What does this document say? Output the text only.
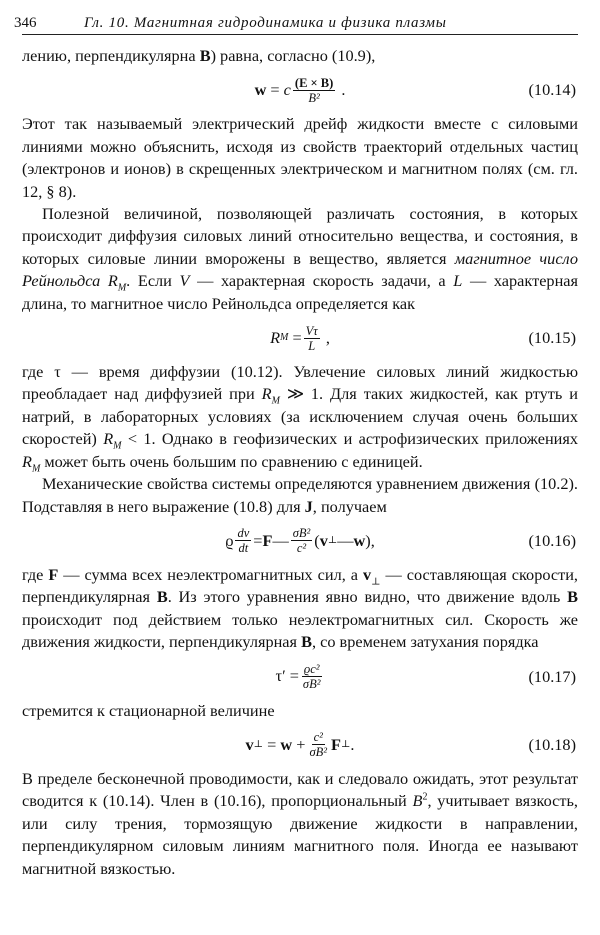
346	Гл. 10. Магнитная гидродинамика и физика плазмы

лению, перпендикулярна B) равна, согласно (10.9),

w
=
c $\frac{(E \times B)}{\text{B²}}$
.	(10.14)

Этот так называемый электрический дрейф жидкости вместе с силовыми линиями можно объяснить, исходя из свойств траекторий отдельных частиц (электронов и ионов) в скрещенных электрическом и магнитном полях (см. гл. 12, § 8).

Полезной величиной, позволяющей различать состояния, в которых происходит диффузия силовых линий относительно вещества, и состояния, в которых силовые линии вморожены в вещество, является магнитное число Рейнольдса $R_M$. Если V — характерная скорость задачи, а L — характерная длина, то магнитное число Рейнольдса определяется как

R M
= $\frac{V\tau}{L}$
,	(10.15)

где τ — время диффузии (10.12). Увлечение силовых линий жидкостью преобладает над диффузией при $R_M$ ≫ 1. Для таких жидкостей, как ртуть и натрий, в лабораторных условиях (за исключением случая очень больших скоростей) $R_M < 1$. Однако в геофизических и астрофизических приложениях $R_M$ может быть очень большим по сравнению с единицей.

Механические свойства системы определяются уравнением движения (10.2). Подставляя в него выражение (10.8) для J, получаем

ϱ $\frac{dv}{dt} = F$ — $\frac{\text{σB²}}{\text{c²}}$ ( v ⊥ — w ),	(10.16)

где F — сумма всех неэлектромагнитных сил, а $v_\perp$ — составляющая скорости, перпендикулярная B. Из этого уравнения явно видно, что движение вдоль B происходит под действием только неэлектромагнитных сил. Скорость же движения жидкости, перпендикулярная B, со временем затухания порядка

τ′
= $\frac{\text{ϱc²}}{\text{σB²}}$	(10.17)

стремится к стационарной величине

v ⊥
=
w
+ $\frac{\text{c²}}{\text{σB²}}$ F ⊥ .	(10.18)

В пределе бесконечной проводимости, как и следовало ожидать, этот результат сводится к (10.14). Член в (10.16), пропорциональный $B^2$, учитывает вязкость, или силу трения, тормозящую движение жидкости в направлении, перпендикулярном силовым линиям магнитного поля. Иногда ее называют магнитной вязкостью.
